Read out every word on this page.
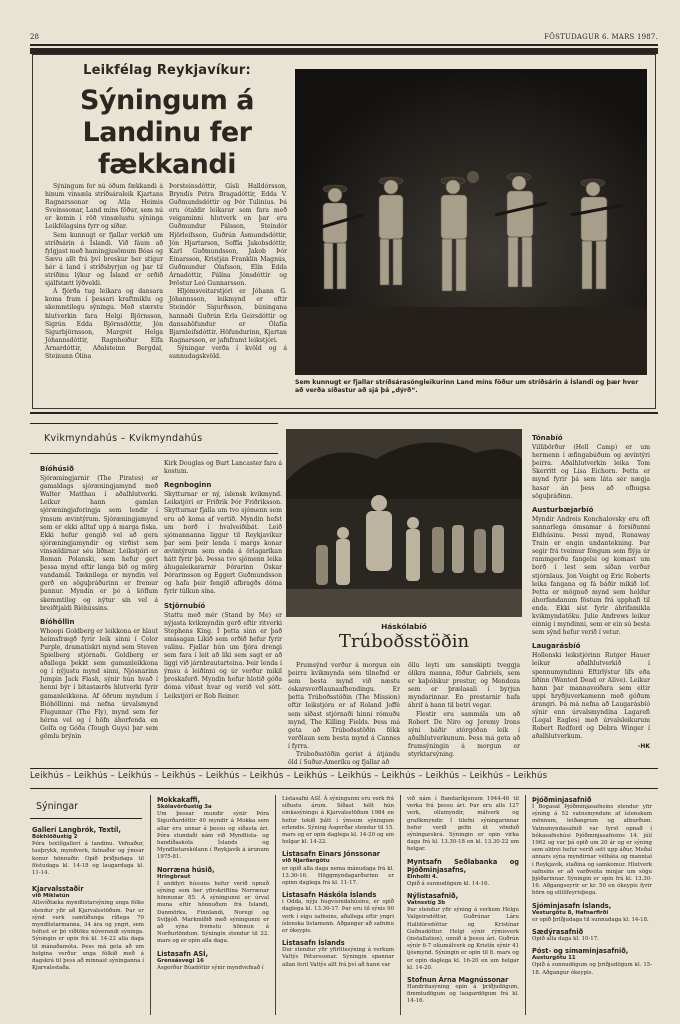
28	FÖSTUDAGUR 6. MARS 1987.
Leikfélag Reykjavíkur:
Sýningum á Landinu fer fækkandi

Sýningum fer nú óðum fækkandi á hinum vinsæla stríðsáraleik Kjartans Ragnarssonar og Atla Heimis Sveinssonar, Land míns föður, sem nú er komin í röð vinsælustu sýninga Leikfélagsins fyrr og síðar.

Sem kunnugt er fjallar verkið um stríðsárin á Íslandi. Við fáum að fylgjast með hamingjusömum Bóas og Sævu allt frá því breskur her stígur hér á land í stríðsbyrjun og þar til stríðinu lýkur og Ísland er orðið sjálfstætt lýðveldi.

Á fjórða tug leikara og dansara koma fram í þessari kraftmiklu og skemmtilegu sýningu. Með stærstu hlutverkin fara Helgi Björnsson, Sigrún Edda Björnsdóttir, Jón Sigurbjörnsson, Margrét Helga Jóhannsdóttir, Ragnheiður Elfa Arnardóttir, Aðalsteinn Bergdal, Steinunn Ólína

Þorsteinsdóttir, Gísli Halldórsson, Bryndís Petra Bragadóttir, Edda V. Guðmundsdóttir og Þór Tulinius. Þá eru ótaldir leikarar sem fara með veigaminni hlutverk en þar eru Guðmundur Pálsson, Steindór Hjörleifsson, Guðrún Ásmundsdóttir, Jón Hjartarson, Soffía Jakobsdóttir, Karl Guðmundsson, Jakob Þór Einarsson, Kristján Franklín Magnús, Guðmundur Ólafsson, Elín Edda Árnadóttir, Pálína Jónsdóttir og Þröstur Leó Gunnarsson.

Hljómsveitarstjóri er Jóhann G. Jóhannsson, leikmynd er eftir Steindór Sigurðsson, búningana hannaði Guðrún Erla Geirsdóttir og dansahöfundur er Ólafía Bjarnleifsdóttir. Höfundurinn, Kjartan Ragnarsson, er jafnframt leikstjóri.

Sýningar verða í kvöld og á sunnudagskvöld.

Sem kunnugt er fjallar stríðsárasöngleikurinn Land míns föður um stríðsárin á Íslandi og þær hver að verða síðastur að sjá þá „dýrð“.
Kvikmyndahús – Kvikmyndahús
Bíóhúsið

Sjóræningjarnir (The Pirates) er gamaldags sjóræningjamynd með Walter Matthau í aðalhlutverki. Leikur hann gamlan sjóræningjaforingja sem lendir í ýmsum ævintýrum. Sjóræningjamynd sem er ekki alltaf upp á marga fiska. Ekki hefur gengið vel að gera sjóræningjamyndir og virðist sem vinsældirnar séu liðnar. Leikstjóri er Roman Polanski, sem hefur gert þessa mynd eftir langa bið og mörg vandamál. Tæknilega er myndin vel gerð en söguþráðurinn er fremur þunnur. Myndin er þó á köflum skemmtileg og nýtur sín vel á breiðtjaldi Bíóhússins.

Bíóhöllin

Whoopi Goldberg er leikkona er hlaut heimsfrægð fyrir leik sinni í Color Purple, dramatískri mynd sem Steven Spielberg stjórnaði. Goldberg er aðallega þekkt sem gamanleikkona og í nýjustu mynd sinni, Njósnarinn Jumpin Jack Flash, sýnir hún hvað í henni býr í bítastærðs hlutverki fyrir gamanleikkona. Af öðrum myndum í Bíóhöllinni má nefna úrvalsmynd Flugunnar (The Fly), mynd sem fer hérna vel og í höfn áhorfenda en Golfa og Góða (Tough Guys) þar sem gömlu brýnin

Kirk Douglas og Burt Lancaster fara á kostum.

Regnboginn

Skytturnar er ný, íslensk kvikmynd. Leikstjóri er Friðrik Þór Friðriksson. Skytturnar fjalla um tvo sjómenn sem eru að koma af vertíð. Myndin hefst um borð í hvalveiðibát. Leið sjómannanna liggur til Reykjavíkur þar sem þeir lenda í margs konar ævintýrum sem enda á örlagaríkan hátt fyrir þá. Þessa tvo sjómenn leika áhugaleikararnir Þórarinn Óskar Þórarinsson og Eggert Guðmundsson og hafa þeir fengið afbragðs dóma fyrir túlkun sína.

Stjörnubíó

Stattu með mér (Stand by Me) er nýjasta kvikmyndin gerð eftir ritverki Stephens King. Í þetta sinn er það smásagan Líkið sem orðið hefur fyrir valinu. Fjallar hún um fjóra drengi sem fara í leit að líki sem sagt er að liggi við járnbrautarteina. Þeir lenda í ýmsu á leiðinni og úr verður mikil þroskaferð. Myndin hefur hlotið góða dóma víðast hvar og verið vel sótt. Leikstjóri er Rob Reiner.

Háskólabíó
Trúboðsstöðin

Frumsýnd verður á morgun ein þeirra kvikmynda sem tilnefnd er sem besta mynd við næstu óskarsverðlaunaafhendingu. Er þetta Trúboðsstöðin (The Mission) eftir leikstjóra er af Roland Joffé sem síðast stjórnaði hinni rómuðu mynd, The Killing Fields. Þess má geta að Trúboðsstöðin fékk verðlaun sem besta mynd á Cannes í fyrra.

Trúboðsstöðin gerist á átjándu öld í Suður-Ameríku og fjallar að

öllu leyti um samskipti tveggja ólíkra manna, föður Gabriels, sem er kaþólskur prestur, og Mendoza sem er þrælasali í byrjun myndarinnar. En prestarnir hafa áhrif á hann til betri vegar.

Flestir eru sammála um að Robert De Niro og Jeremy Irons sýni báðir stórgóðan leik í aðalhlutverkunum. Þess má geta að frumsýningin á morgun er styrktarsýning.

Tónabíó

Villibörður (Hell Camp) er um hermenn í æfingabúðum og ævintýri þeirra. Aðalhlutverkin leika Tom Skerritt og Lisa Eichorn. Þetta er mynd fyrir þá sem láta sér nægja hasar án þess að ofhugsa söguþráðinn.

Austurbæjarbíó

Myndir Andreis Konchalovsky eru oft sannarlega ómsamar á forsíðunni Eldhúsinu. Þessi mynd, Runaway Train er engin undantekning. Þar segir frá tveimur föngum sem flýja úr rammgerðu fangelsi og komast um borð í lest sem síðan verður stjórnlaus. Jon Voight og Eric Roberts leika fangana og fá báðir mikið lof. Þetta er mögnuð mynd sem heldur áhorfandanum föstum frá upphafi til enda. Ekki síst fyrir áhrifamikla kvikmyndatöku. Julie Andrews leikur einnig í myndinni, sem er ein sú besta sem sýnd hefur verið í vetur.

Laugarásbíó

Hollenski leikstjórinn Rutger Hauer leikur aðalhlutverkið í spennumyndinni Eftirlýstur lífs eða liðinn (Wanted Dead or Alive). Leikur hann þar mannaveiðara sem eltir uppi hryðjuverkamenn með góðum árangri. Þá má nefna að Laugarásbíó sýnir enn úrvalsmyndina Lagarefi (Legal Eagles) með úrvalsleikurum Robert Redford og Debra Winger í aðalhlutverkum.

-HK
Leikhús – Leikhús – Leikhús – Leikhús – Leikhús – Leikhús – Leikhús – Leikhús – Leikhús – Leikhús – Leikhús – Leikhús
Sýningar
Gallerí Langbrók, Textíl,
Bókhlöðustíg 2

Þóra textílgallerí á landinu. Vefnaður, tauþrykk, myndverk, fatnaður og ýmsar konur hönnuðir. Opið þriðjudaga til föstudaga kl. 14-18 og laugardaga kl. 11-14.

Kjarvalsstaðir
við Miklatún

Allsvíðtæka myndlistarsýning unga fólks stendur yfir að Kjarvalsstöðum. Þar er sýnd verk samtíðunga ríflega 70 myndlistarmanna, 34 ára og yngri, sem hófust er þó viðtöku núverandi sýninga. Sýningin er opin frá kl. 14-22 alla daga til mánaðamóta. Þess má geta að um helgina verður unga fólkið með á dagskrá til þess að minnast sýninganna í Kjarvalsstaða.

Mokkakaffi,
Skólavörðustíg 3a

Um þessar mundir sýnir Þóra Sigurðardóttir 40 myndir á Mokka sem allar eru unnar á þessu og síðasta ári. Þóra stundaði nám við Myndlista- og handíðaskóla Íslands og Myndlistarskólann í Reykjavík á árunum 1975-81.

Norræna húsið,
Hringbraut

Í anddyri hússins hefur verið opnuð sýning sem ber yfirskriftina Norrænar hönnunar 85. Á sýningunni er úrval muna eftir hönnuðum frá Íslandi, Danmörku, Finnlandi, Noregi og Svíþjóð. Markmiðið með sýningunni er að sýna fremstu hönnun á Norðurlöndum. Sýningin stendur til 22. mars og er opin alla daga.

Listasafn ASÍ,
Grensásvegi 16

Ásgerður Búadóttir sýnir myndvefnað í

Listasafni ASÍ. Á sýningunni eru verk frá síðustu árum. Síðast hélt hún einkasýningu á Kjarvalsstöðum 1984 en hefur tekið þátt í ýmsum sýningum erlendis. Sýning Ásgerðar stendur til 15. mars og er opin daglega kl. 14-20 og um helgar kl. 14-22.

Listasafn Einars Jónssonar
við Njarðargötu

er opið alla daga nema mánudaga frá kl. 13.30-16. Höggmyndagarðurinn er opinn daglega frá kl. 11-17.

Listasafn Háskóla Íslands

í Odda, nýju hugvísindahúsinu, er opið daglega kl. 13.30-17. Þar eru til sýnis 90 verk í eigu safnsins, aðallega eftir yngri íslenska listamenn. Aðgangur að safninu er ókeypis.

Listasafn Íslands

Dur stendur yfir yfirlitssýning á verkum Valtýs Péturssonar. Sýningin spannar allan feril Valtýs allt frá því að hann var

við nám í Bandaríkjunum 1944-46 til verka frá þessu ári. Þar eru alls 127 verk, olíumyndir, málverk og grafíkmyndir. Í tilefni sýningarinnar hefur verið gefin út vönduð sýningarskrá. Sýningin er opin virka daga frá kl. 13.30-18 en kl. 13.30-22 um helgar.

Myntsafn Seðlabanka og Þjóðminjasafns,
Einholti 4.

Opið á sunnudögum kl. 14-16.

Nýlistasafnið,
Vatnsstíg 3b

Þar stendur yfir sýning á verkum Helgu Valgeirsdóttur, Guðrúnar Láru Halldórsdóttur og Kristínar Guðnadóttur. Helgi sýnir rýmisverk (installation), unnið á þessu ári. Guðrún sýnir 6-7 olíumálverk og Kristín sýnir 41 ljósmynd. Sýningin er opin til 8. mars og er opin daglega kl. 16-20 en um helgar kl. 14-20.

Stofnun Árna Magnússonar

Handritasýning opin á þriðjudögum, fimmtudögum og laugardögum frá kl. 14-16.

Þjóðminjasafnið

Í Bogasal Þjóðminjasafnsins stendur yfir sýning á 52 vatnsmyndum af íslenskum mönnum, leiðangrum og atburðum. Vatnsmyndasafnið var fyrst opnað í bókasafnshúsi Þjóðminjasafnsins 14. júlí 1962 og var þá opið um 20 ár og er sýning sem aldrei hefur verið sett upp áður. Meðal annars sýna myndirnar vélbáta og manntal í Reykjavík, staðina og samkomur. Hlutverk safnsins er að varðveita minjar um sögu þjóðarinnar. Sýningin er opin frá kl. 13.30-16. Aðgangseyrir er kr. 50 en ókeypis fyrir börn og ellilífeyrisþega.

Sjóminjasafn Íslands,
Vesturgötu 8, Hafnarfirði

er opið þriðjudaga til sunnudaga kl. 14-18.

Sædýrasafnið

Opið alla daga kl. 10-17.

Póst- og símaminjasafnið,
Austurgötu 11

Opið á sunnudögum og þriðjudögum kl. 15-18. Aðgangur ókeypis.
